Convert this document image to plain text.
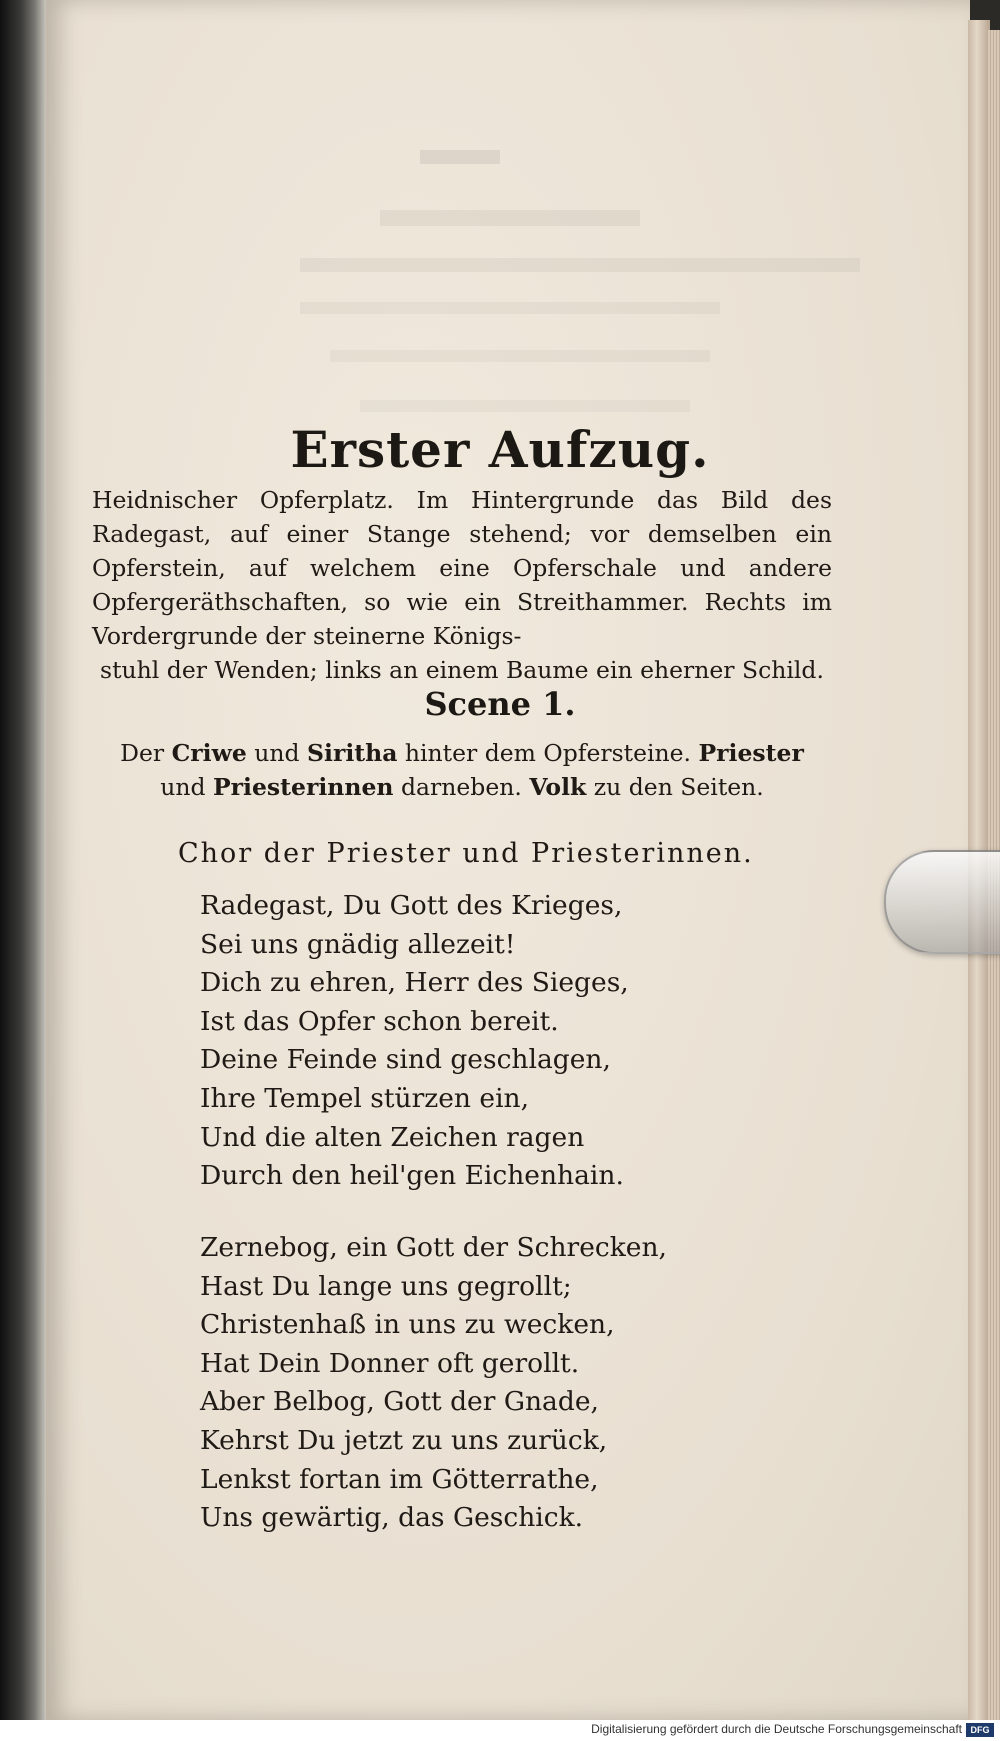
Erster Aufzug.
Heidnischer Opferplatz. Im Hintergrunde das Bild des Radegast, auf einer Stange stehend; vor demselben ein Opferstein, auf welchem eine Opferschale und andere Opfergeräthschaften, so wie ein Streithammer. Rechts im Vordergrunde der steinerne Königs-
stuhl der Wenden; links an einem Baume ein eherner Schild.
Scene 1.
Der Criwe und Siritha hinter dem Opfersteine. Priester
und Priesterinnen darneben. Volk zu den Seiten.
Chor der Priester und Priesterinnen.
Radegast, Du Gott des Krieges,
Sei uns gnädig allezeit!
Dich zu ehren, Herr des Sieges,
Ist das Opfer schon bereit.
Deine Feinde sind geschlagen,
Ihre Tempel stürzen ein,
Und die alten Zeichen ragen
Durch den heil'gen Eichenhain.
Zernebog, ein Gott der Schrecken,
Hast Du lange uns gegrollt;
Christenhaß in uns zu wecken,
Hat Dein Donner oft gerollt.
Aber Belbog, Gott der Gnade,
Kehrst Du jetzt zu uns zurück,
Lenkst fortan im Götterrathe,
Uns gewärtig, das Geschick.
Digitalisierung gefördert durch die Deutsche Forschungsgemeinschaft DFG
